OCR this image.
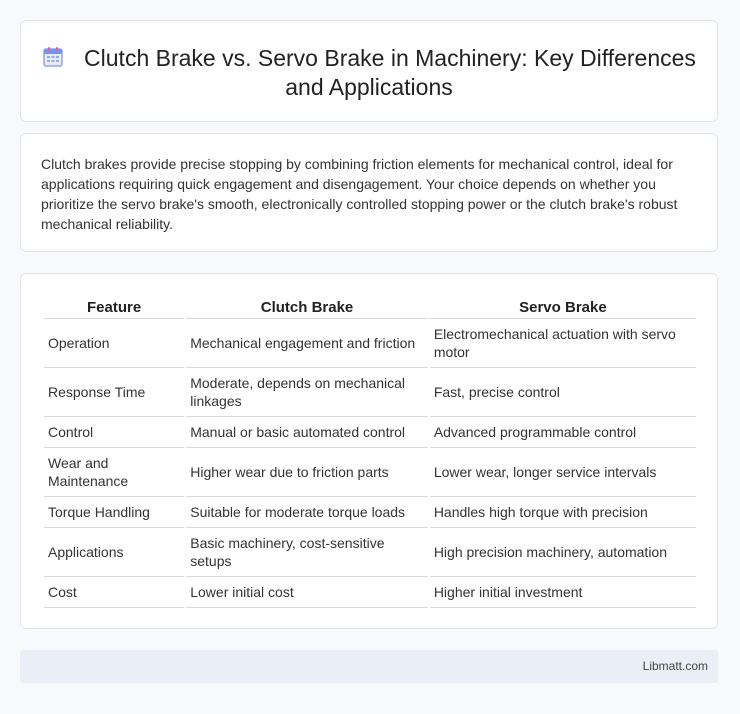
Clutch Brake vs. Servo Brake in Machinery: Key Differences and Applications
Clutch brakes provide precise stopping by combining friction elements for mechanical control, ideal for applications requiring quick engagement and disengagement. Your choice depends on whether you prioritize the servo brake's smooth, electronically controlled stopping power or the clutch brake's robust mechanical reliability.
Feature	Clutch Brake	Servo Brake
Operation	Mechanical engagement and friction	Electromechanical actuation with servo motor
Response Time	Moderate, depends on mechanical linkages	Fast, precise control
Control	Manual or basic automated control	Advanced programmable control
Wear and Maintenance	Higher wear due to friction parts	Lower wear, longer service intervals
Torque Handling	Suitable for moderate torque loads	Handles high torque with precision
Applications	Basic machinery, cost-sensitive setups	High precision machinery, automation
Cost	Lower initial cost	Higher initial investment
Libmatt.com
